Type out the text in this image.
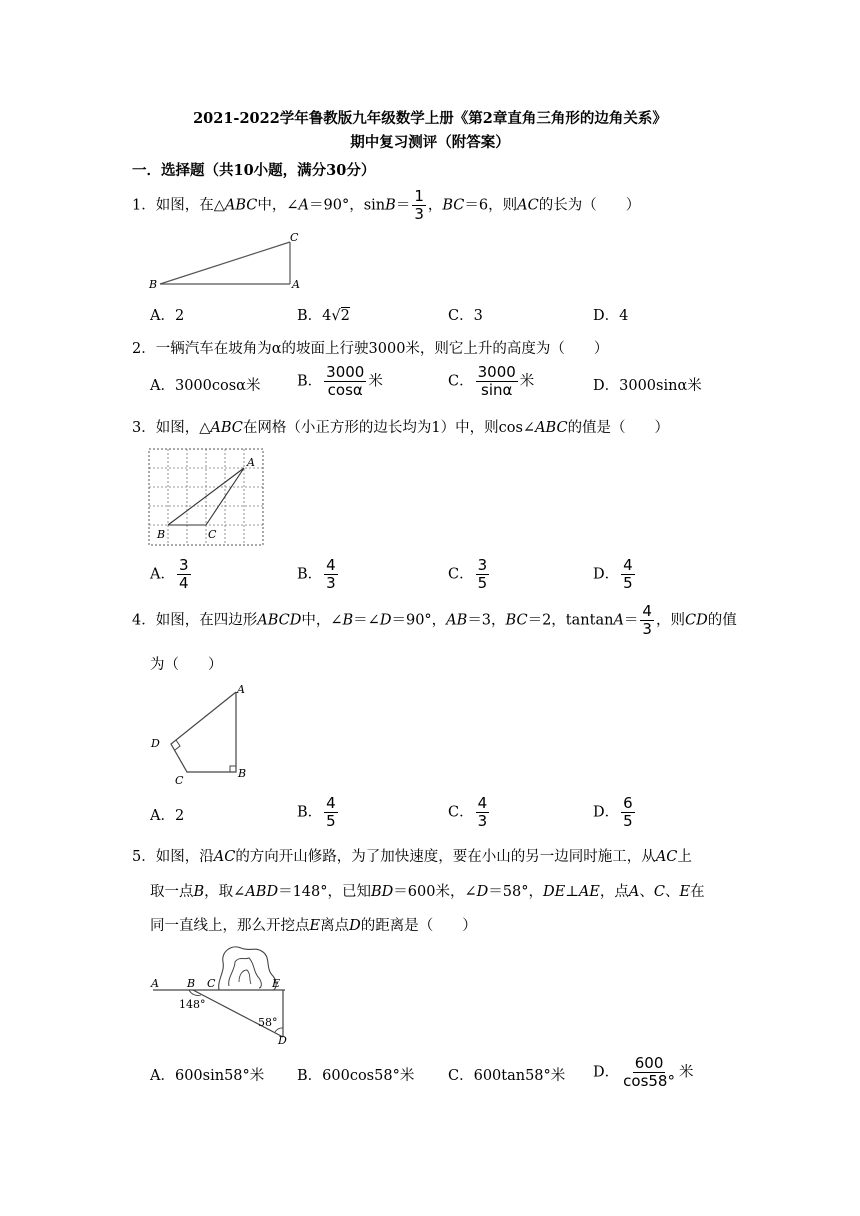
2021-2022学年鲁教版九年级数学上册《第2章直角三角形的边角关系》
期中复习测评（附答案）
一．选择题（共10小题，满分30分）
1．如图，在△ABC中，∠A＝90°，$\sin B= \frac{1}{3}$ ，BC＝6，则AC的长为（　　）
B
C
A
A．2	B．4√2	C．3	D．4
2．一辆汽车在坡角为α的坡面上行驶3000米，则它上升的高度为（　　）
A．3000cosα米	B． $\frac{3000}{\cos\alpha}$ 米	C． $\frac{3000}{\sin\alpha}$ 米	D．3000sinα米
3．如图，△ABC在网格（小正方形的边长均为1）中，则cos∠ABC的值是（　　）
A
B	C
A． $\frac{3}{4}$	B． $\frac{4}{3}$	C． $\frac{3}{5}$	D． $\frac{4}{5}$
4．如图，在四边形ABCD中，∠B＝∠D＝90°，AB＝3，BC＝2，$tantanA= \frac{4}{3}$ ，则CD的值
为（　　）
A
D
C
B
A．2	B． $\frac{4}{5}$	C． $\frac{4}{3}$	D． $\frac{6}{5}$
5．如图，沿AC的方向开山修路，为了加快速度，要在小山的另一边同时施工，从AC上
取一点B，取∠ABD＝148°，已知BD＝600米，∠D＝58°，DE⊥AE，点A、C、E在
同一直线上，那么开挖点E离点D的距离是（　　）
A	B C	E
D
148°
58°
A．600sin58°米 B．600cos58°米 C．600tan58°米 D． $\frac{600}{\cos 58^\circ}$ 米
